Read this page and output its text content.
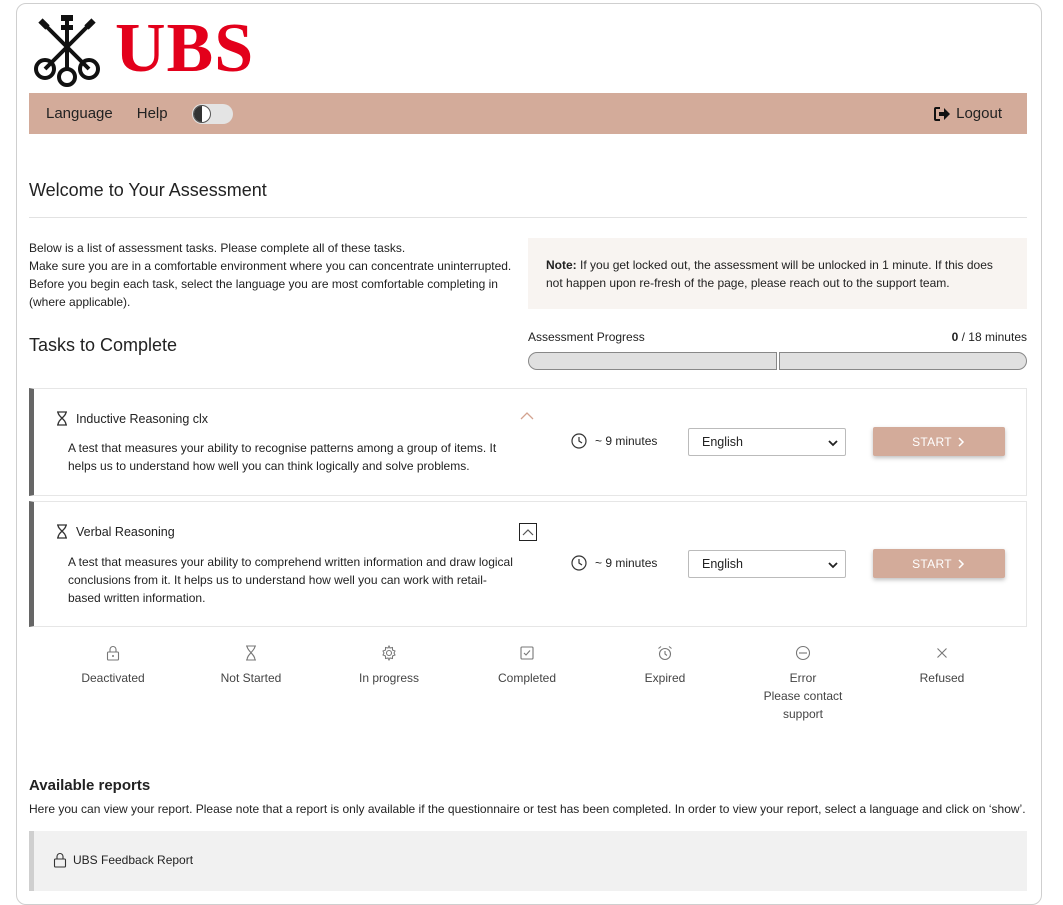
UBS
Language Help	Logout
Welcome to Your Assessment
Below is a list of assessment tasks. Please complete all of these tasks.
Make sure you are in a comfortable environment where you can concentrate uninterrupted.
Before you begin each task, select the language you are most comfortable completing in (where applicable).
Note: If you get locked out, the assessment will be unlocked in 1 minute. If this does not happen upon re-fresh of the page, please reach out to the support team.
Tasks to Complete	Assessment Progress	0 / 18 minutes
Inductive Reasoning clx
A test that measures your ability to recognise patterns among a group of items. It helps us to understand how well you can think logically and solve problems.
~ 9 minutes	English	START
Verbal Reasoning
A test that measures your ability to comprehend written information and draw logical conclusions from it. It helps us to understand how well you can work with retail-based written information.
~ 9 minutes	English	START
Deactivated	Not Started	In progress	Completed	Expired	Error
Please contact
support
Refused
Available reports
Here you can view your report. Please note that a report is only available if the questionnaire or test has been completed. In order to view your report, select a language and click on ‘show’.
UBS Feedback Report
